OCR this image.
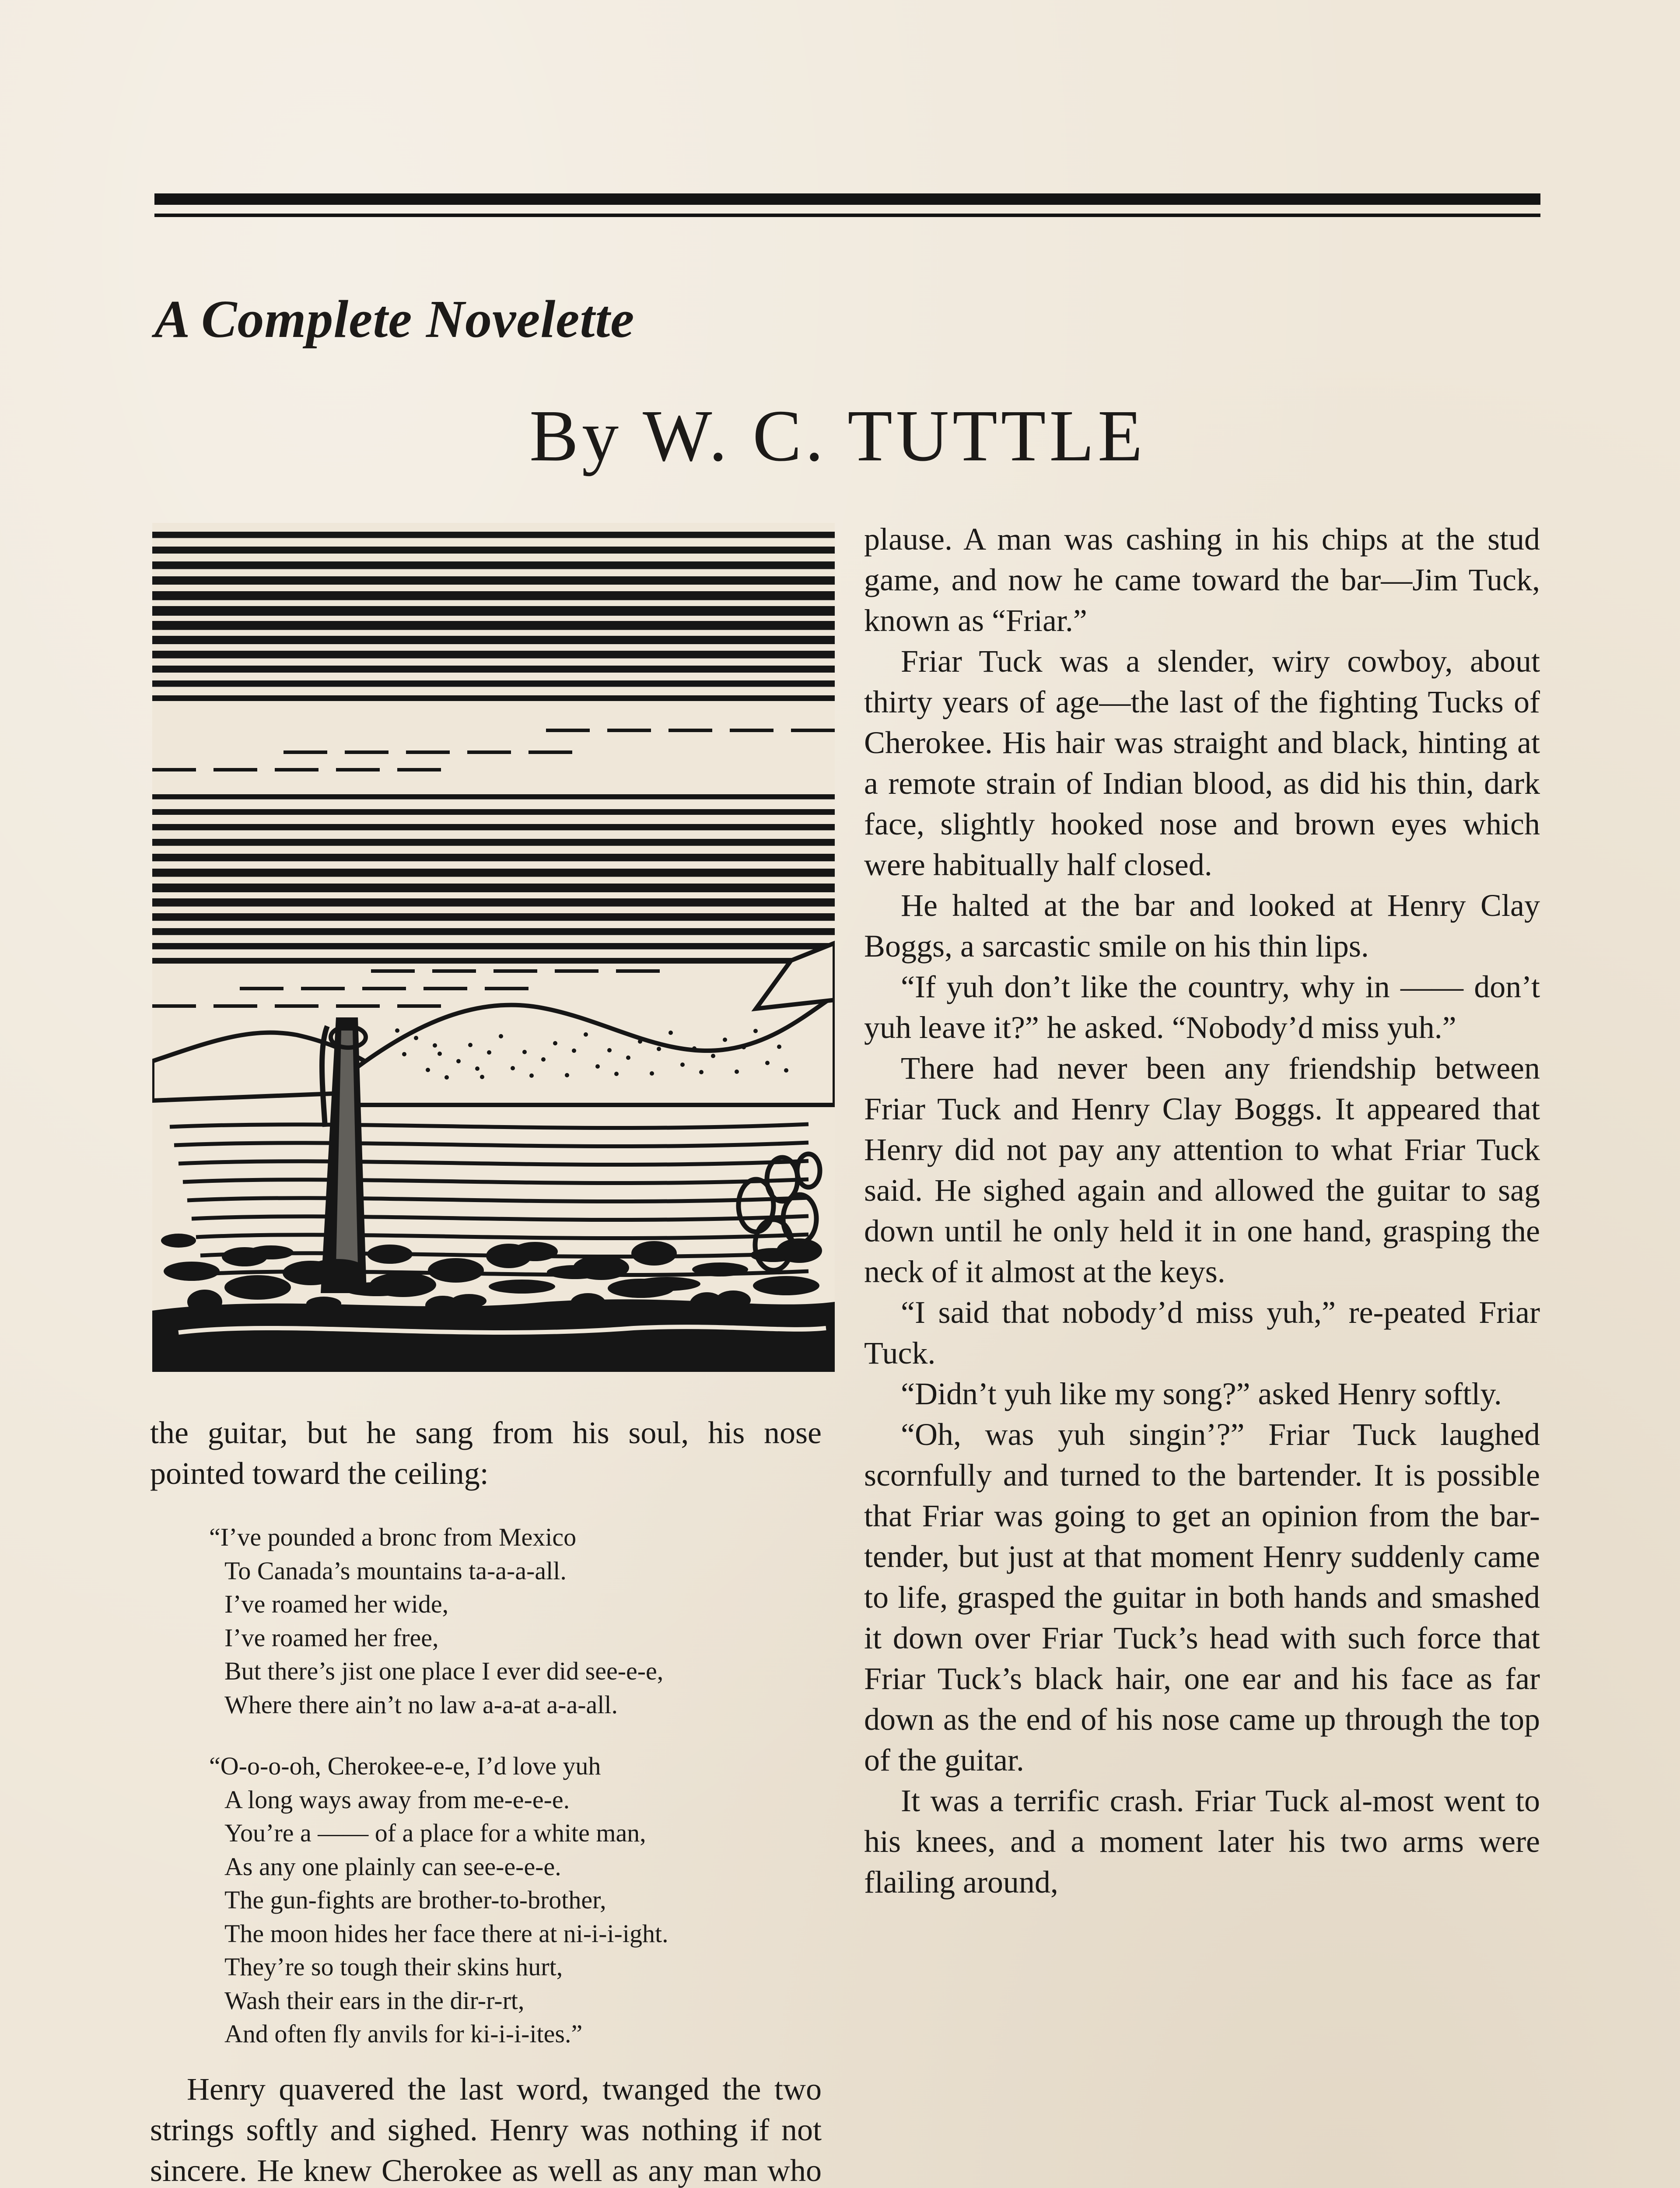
A Complete Novelette
By W. C. TUTTLE

the guitar, but he sang from his soul, his nose pointed toward the ceiling:

“I’ve pounded a bronc from Mexico
To Canada’s mountains ta-a-a-all.
I’ve roamed her wide,
I’ve roamed her free,
But there’s jist one place I ever did see-e-e,
Where there ain’t no law a-a-at a-a-all.
“O-o-o-oh, Cherokee-e-e, I’d love yuh
A long ways away from me-e-e-e.
You’re a —— of a place for a white man,
As any one plainly can see-e-e-e.
The gun-fights are brother-to-brother,
The moon hides her face there at ni-i-i-ight.
They’re so tough their skins hurt,
Wash their ears in the dir-r-rt,
And often fly anvils for ki-i-i-ites.”

Henry quavered the last word, twanged the two strings softly and sighed. Henry was nothing if not sincere. He knew Cherokee as well as any man who

plause. A man was cashing in his chips at the stud game, and now he came toward the bar—Jim Tuck, known as “Friar.”

Friar Tuck was a slender, wiry cowboy, about thirty years of age—the last of the fighting Tucks of Cherokee. His hair was straight and black, hinting at a remote strain of Indian blood, as did his thin, dark face, slightly hooked nose and brown eyes which were habitually half closed.

He halted at the bar and looked at Henry Clay Boggs, a sarcastic smile on his thin lips.

“If yuh don’t like the country, why in —— don’t yuh leave it?” he asked. “Nobody’d miss yuh.”

There had never been any friendship between Friar Tuck and Henry Clay Boggs. It appeared that Henry did not pay any attention to what Friar Tuck said. He sighed again and allowed the guitar to sag down until he only held it in one hand, grasping the neck of it almost at the keys.

“I said that nobody’d miss yuh,” re-peated Friar Tuck.

“Didn’t yuh like my song?” asked Henry softly.

“Oh, was yuh singin’?” Friar Tuck laughed scornfully and turned to the bartender. It is possible that Friar was going to get an opinion from the bar-tender, but just at that moment Henry suddenly came to life, grasped the guitar in both hands and smashed it down over Friar Tuck’s head with such force that Friar Tuck’s black hair, one ear and his face as far down as the end of his nose came up through the top of the guitar.

It was a terrific crash. Friar Tuck al-most went to his knees, and a moment later his two arms were flailing around,
